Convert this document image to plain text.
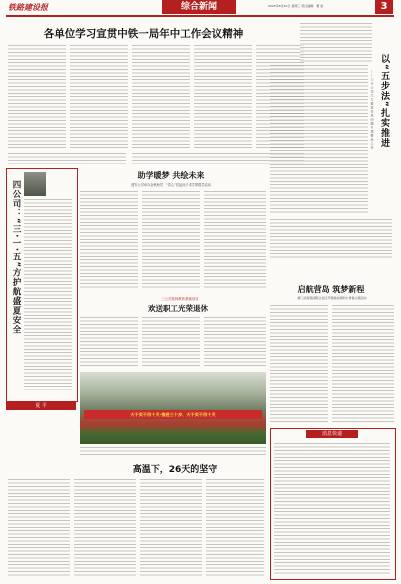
铁路建设报	综合新闻	2025年8月20日 星期三 责任编辑：曹 斌	3
各单位学习宣贯中铁一局年中工作会议精神
以“五步法”扎实推进
——三分公司大力推进作风问题专项整治工作
四公司：“三·一·五”方护航盛夏安全
夏 平
助学暖梦 共绘未来
建安公司举办金秋助学、“党心”托起孩子求学梦捐学活动
三公司桂林教育基础项目
欢送职工光荣退休
大干实干四十天·推进三十步、大干实干四十天
启航营岛 筑梦新程
厦门北海集团联合社区开展新能源助力青春主题活动
消息快递
高温下，26天的坚守
